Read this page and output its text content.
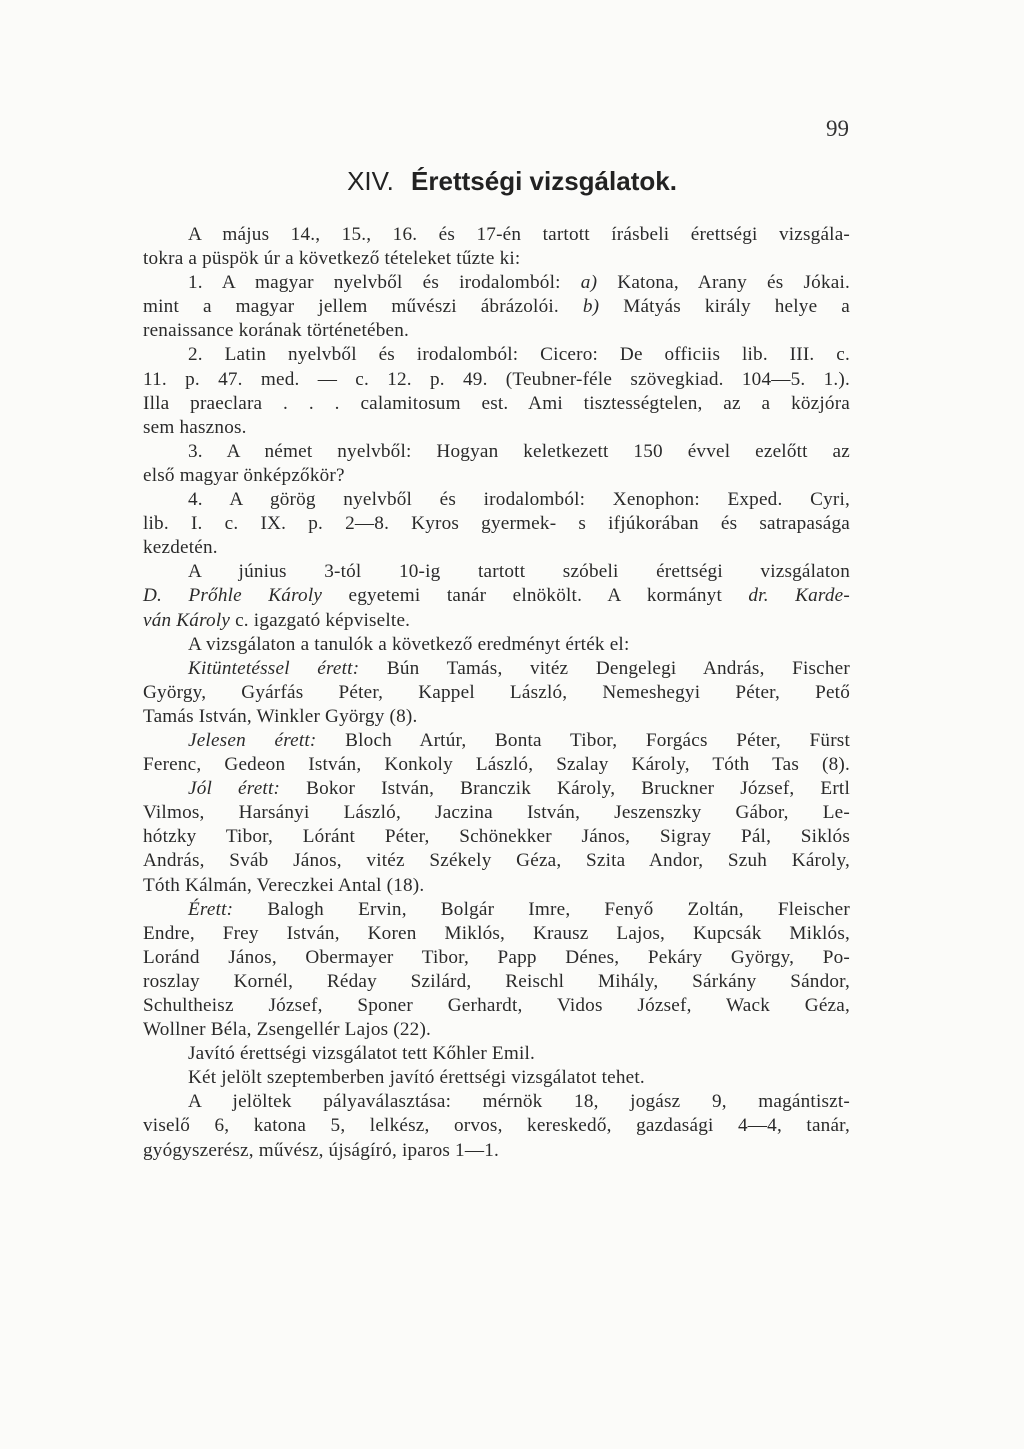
99
XIV. Érettségi vizsgálatok.
A május 14., 15., 16. és 17-én tartott írásbeli érettségi vizsgála-
tokra a püspök úr a következő tételeket tűzte ki:
1. A magyar nyelvből és irodalomból: a) Katona, Arany és Jókai.
mint a magyar jellem művészi ábrázolói. b) Mátyás király helye a
renaissance korának történetében.
2. Latin nyelvből és irodalomból: Cicero: De officiis lib. III. c.
11. p. 47. med. — c. 12. p. 49. (Teubner-féle szövegkiad. 104—5. 1.).
Illa praeclara . . . calamitosum est. Ami tisztességtelen, az a közjóra
sem hasznos.
3. A német nyelvből: Hogyan keletkezett 150 évvel ezelőtt az
első magyar önképzőkör?
4. A görög nyelvből és irodalomból: Xenophon: Exped. Cyri,
lib. I. c. IX. p. 2—8. Kyros gyermek- s ifjúkorában és satrapasága
kezdetén.
A június 3-tól 10-ig tartott szóbeli érettségi vizsgálaton
D. Prőhle Károly egyetemi tanár elnökölt. A kormányt dr. Karde-
ván Károly c. igazgató képviselte.
A vizsgálaton a tanulók a következő eredményt érték el:
Kitüntetéssel érett: Bún Tamás, vitéz Dengelegi András, Fischer
György, Gyárfás Péter, Kappel László, Nemeshegyi Péter, Pető
Tamás István, Winkler György (8).
Jelesen érett: Bloch Artúr, Bonta Tibor, Forgács Péter, Fürst
Ferenc, Gedeon István, Konkoly László, Szalay Károly, Tóth Tas (8).
Jól érett: Bokor István, Branczik Károly, Bruckner József, Ertl
Vilmos, Harsányi László, Jaczina István, Jeszenszky Gábor, Le-
hótzky Tibor, Lóránt Péter, Schönekker János, Sigray Pál, Siklós
András, Sváb János, vitéz Székely Géza, Szita Andor, Szuh Károly,
Tóth Kálmán, Vereczkei Antal (18).
Érett: Balogh Ervin, Bolgár Imre, Fenyő Zoltán, Fleischer
Endre, Frey István, Koren Miklós, Krausz Lajos, Kupcsák Miklós,
Loránd János, Obermayer Tibor, Papp Dénes, Pekáry György, Po-
roszlay Kornél, Réday Szilárd, Reischl Mihály, Sárkány Sándor,
Schultheisz József, Sponer Gerhardt, Vidos József, Wack Géza,
Wollner Béla, Zsengellér Lajos (22).
Javító érettségi vizsgálatot tett Kőhler Emil.
Két jelölt szeptemberben javító érettségi vizsgálatot tehet.
A jelöltek pályaválasztása: mérnök 18, jogász 9, magántiszt-
viselő 6, katona 5, lelkész, orvos, kereskedő, gazdasági 4—4, tanár,
gyógyszerész, művész, újságíró, iparos 1—1.
